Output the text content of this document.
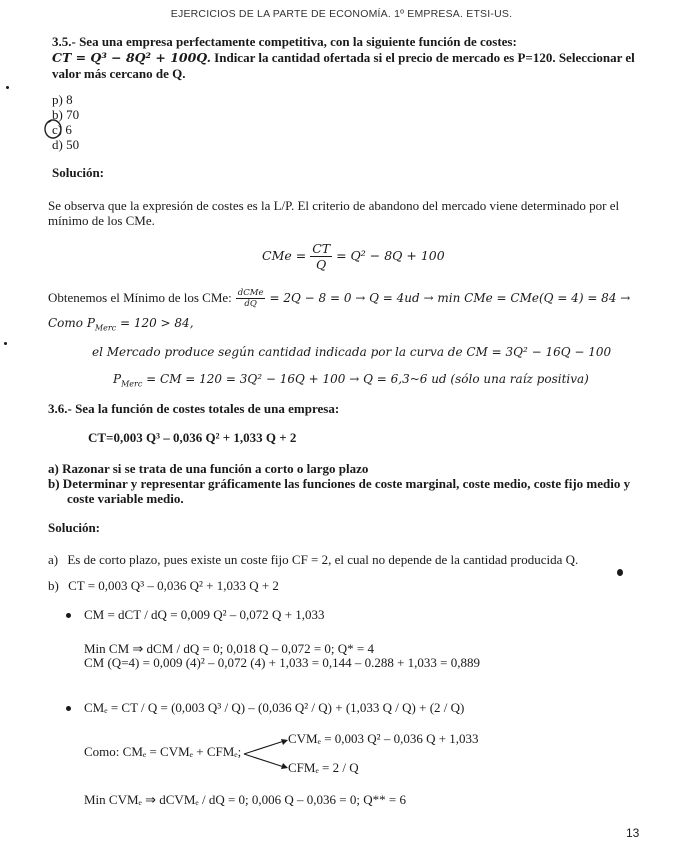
EJERCICIOS DE LA PARTE DE ECONOMÍA. 1º EMPRESA. ETSI-US.
3.5.- Sea una empresa perfectamente competitiva, con la siguiente función de costes:
CT = Q³ − 8Q² + 100Q. Indicar la cantidad ofertada si el precio de mercado es P=120. Seleccionar el
valor más cercano de Q.
p) 8
b) 70
c) 6
d) 50
Solución:
Se observa que la expresión de costes es la L/P. El criterio de abandono del mercado viene determinado por el
mínimo de los CMe.
CMe = $\frac{CT}{Q} = Q^2 - 8Q + 100$
Obtenemos el Mínimo de los CMe: $\frac{\text{dCMe}}{dQ} = 2Q - 8 = 0 \to Q = 4ud \to \min$ CMe = CMe(Q = 4) = 84 →
Como $P_{Merc} = 120 > 84$,
el Mercado produce según cantidad indicada por la curva de CM = 3Q² − 16Q − 100
$P_{Merc}$ = CM = 120 = 3Q² − 16Q + 100 → Q = 6,3~6 ud (sólo una raíz positiva)
3.6.- Sea la función de costes totales de una empresa:
CT=0,003 Q³ – 0,036 Q² + 1,033 Q + 2
a) Razonar si se trata de una función a corto o largo plazo
b) Determinar y representar gráficamente las funciones de coste marginal, coste medio, coste fijo medio y
coste variable medio.
Solución:
a) Es de corto plazo, pues existe un coste fijo CF = 2, el cual no depende de la cantidad producida Q.
b) CT = 0,003 Q³ – 0,036 Q² + 1,033 Q + 2
CM = dCT / dQ = 0,009 Q² – 0,072 Q + 1,033
Min CM ⇒ dCM / dQ = 0; 0,018 Q – 0,072 = 0; Q* = 4
CM (Q=4) = 0,009 (4)² – 0,072 (4) + 1,033 = 0,144 – 0.288 + 1,033 = 0,889
CMₑ = CT / Q = (0,003 Q³ / Q) – (0,036 Q² / Q) + (1,033 Q / Q) + (2 / Q)
Como: CMₑ = CVMₑ + CFMₑ;
CVMₑ = 0,003 Q² – 0,036 Q + 1,033
CFMₑ = 2 / Q
Min CVMₑ ⇒ dCVMₑ / dQ = 0; 0,006 Q – 0,036 = 0; Q** = 6
13
